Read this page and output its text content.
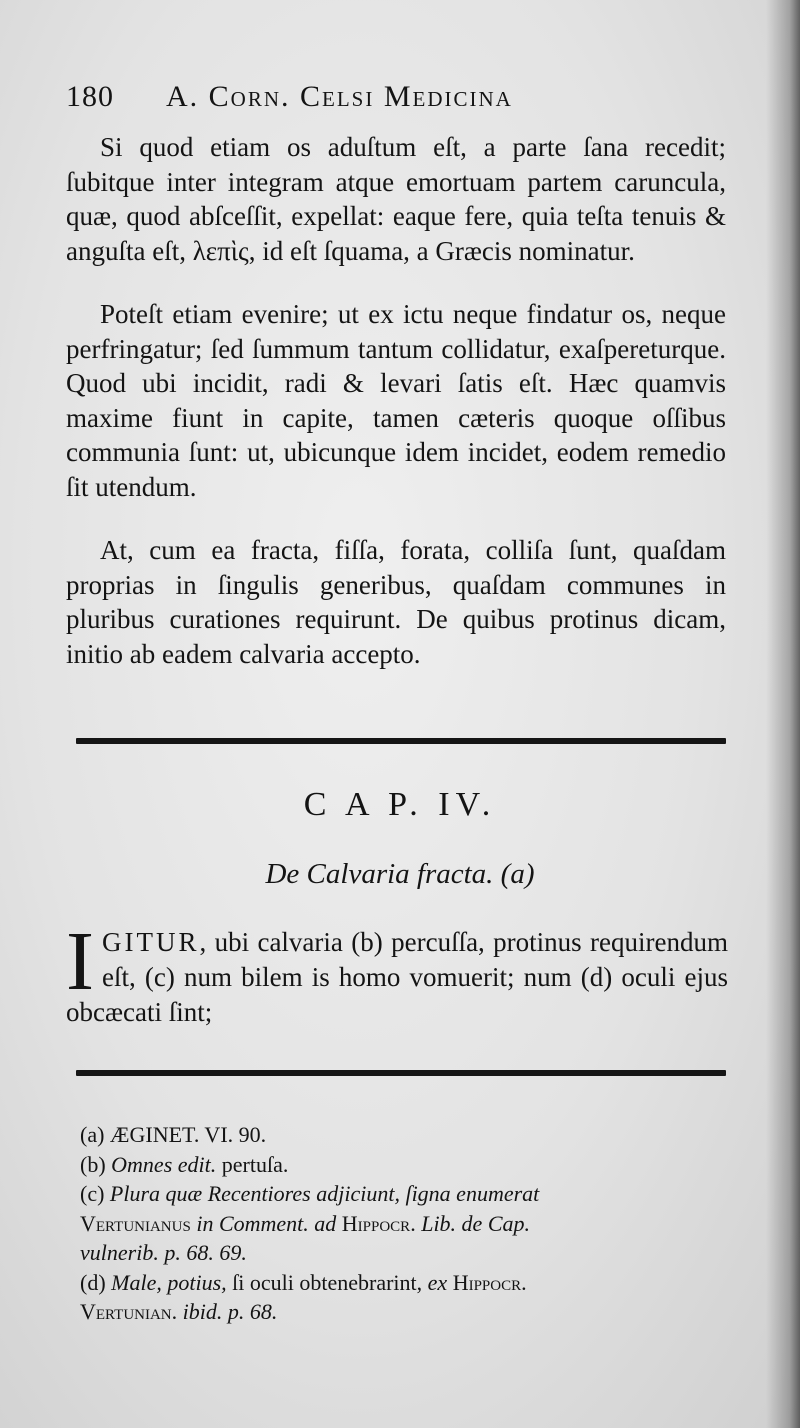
180 A. Corn. Celsi Medicina

Si quod etiam os aduſtum eſt, a parte ſana recedit; ſubitque inter integram atque emortuam partem caruncula, quæ, quod abſceſſit, expellat: eaque fere, quia teſta tenuis & anguſta eſt, λεπὶς, id eſt ſquama, a Græcis nominatur.

Poteſt etiam evenire; ut ex ictu neque findatur os, neque perfringatur; ſed ſummum tantum collidatur, exaſpereturque. Quod ubi incidit, radi & levari ſatis eſt. Hæc quamvis maxime fiunt in capite, tamen cæteris quoque oſſibus communia ſunt: ut, ubicunque idem incidet, eodem remedio ſit utendum.

At, cum ea fracta, fiſſa, forata, colliſa ſunt, quaſdam proprias in ſingulis generibus, quaſdam communes in pluribus curationes requirunt. De quibus protinus dicam, initio ab eadem calvaria accepto.

C A P. IV.
De Calvaria fracta. (a)
IGITUR, ubi calvaria (b) percuſſa, protinus requirendum eſt, (c) num bilem is homo vomuerit; num (d) oculi ejus obcæcati ſint;
(a) ÆGINET. VI. 90.
(b) Omnes edit. pertuſa.
(c) Plura quæ Recentiores adjiciunt, ſigna enumerat
Vertunianus in Comment. ad Hippocr. Lib. de Cap.
vulnerib. p. 68. 69.
(d) Male, potius, ſi oculi obtenebrarint, ex Hippocr.
Vertunian. ibid. p. 68.
